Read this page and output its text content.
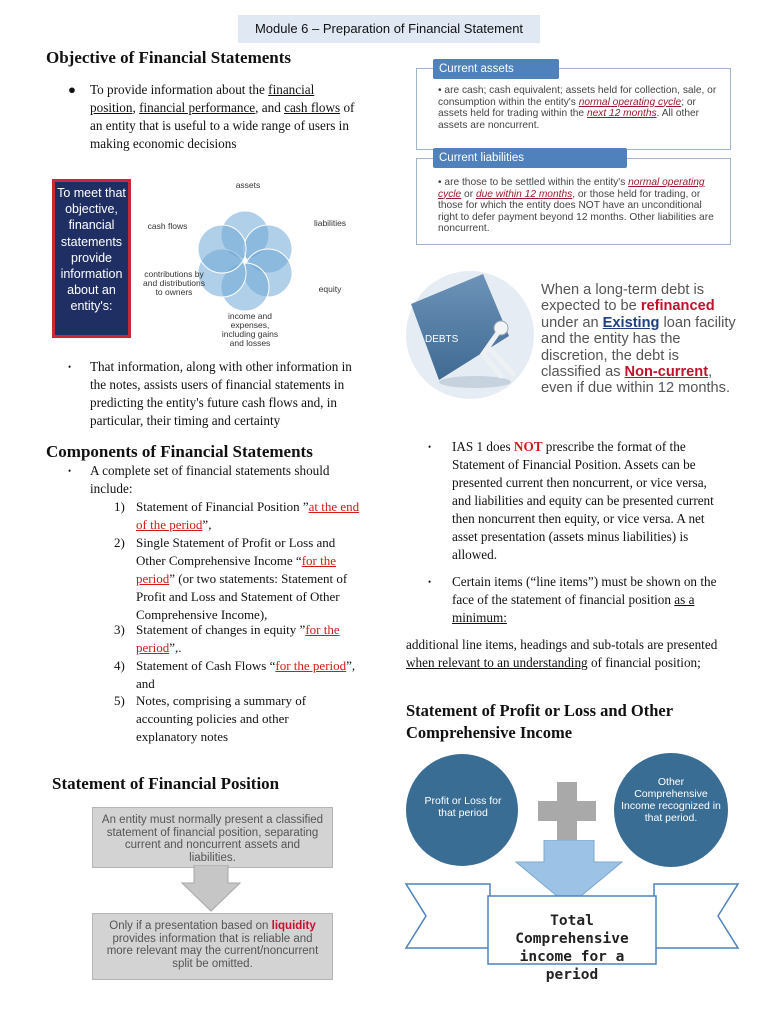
Module 6 – Preparation of Financial Statement
Objective of Financial Statements
● To provide information about the financial position, financial performance, and cash flows of an entity that is useful to a wide range of users in making economic decisions
To meet that objective, financial statements provide information about an entity's:
assets
liabilities
equity
income and expenses, including gains and losses
contributions by and distributions to owners
cash flows
• That information, along with other information in the notes, assists users of financial statements in predicting the entity's future cash flows and, in particular, their timing and certainty
Components of Financial Statements
• A complete set of financial statements should include:
1) Statement of Financial Position ”at the end of the period”,
2) Single Statement of Profit or Loss and Other Comprehensive Income “for the period” (or two statements: Statement of Profit and Loss and Statement of Other Comprehensive Income),
3) Statement of changes in equity ”for the period”,.
4) Statement of Cash Flows “for the period”, and
5) Notes, comprising a summary of accounting policies and other explanatory notes
Statement of Financial Position
An entity must normally present a classified statement of financial position, separating current and noncurrent assets and liabilities.
Only if a presentation based on liquidity provides information that is reliable and more relevant may the current/noncurrent split be omitted.
Current assets
• are cash; cash equivalent; assets held for collection, sale, or consumption within the entity's normal operating cycle; or assets held for trading within the next 12 months. All other assets are noncurrent.
Current liabilities
• are those to be settled within the entity's normal operating cycle or due within 12 months, or those held for trading, or those for which the entity does NOT have an unconditional right to defer payment beyond 12 months. Other liabilities are noncurrent.
DEBTS
When a long-term debt is expected to be refinanced under an Existing loan facility and the entity has the discretion, the debt is classified as Non-current, even if due within 12 months.
• IAS 1 does NOT prescribe the format of the Statement of Financial Position. Assets can be presented current then noncurrent, or vice versa, and liabilities and equity can be presented current then noncurrent then equity, or vice versa. A net asset presentation (assets minus liabilities) is allowed.
• Certain items (“line items”) must be shown on the face of the statement of financial position as a minimum:
additional line items, headings and sub-totals are presented when relevant to an understanding of financial position;
Statement of Profit or Loss and Other Comprehensive Income
Profit or Loss for that period
Other Comprehensive Income recognized in that period.
Total Comprehensive income for a period
